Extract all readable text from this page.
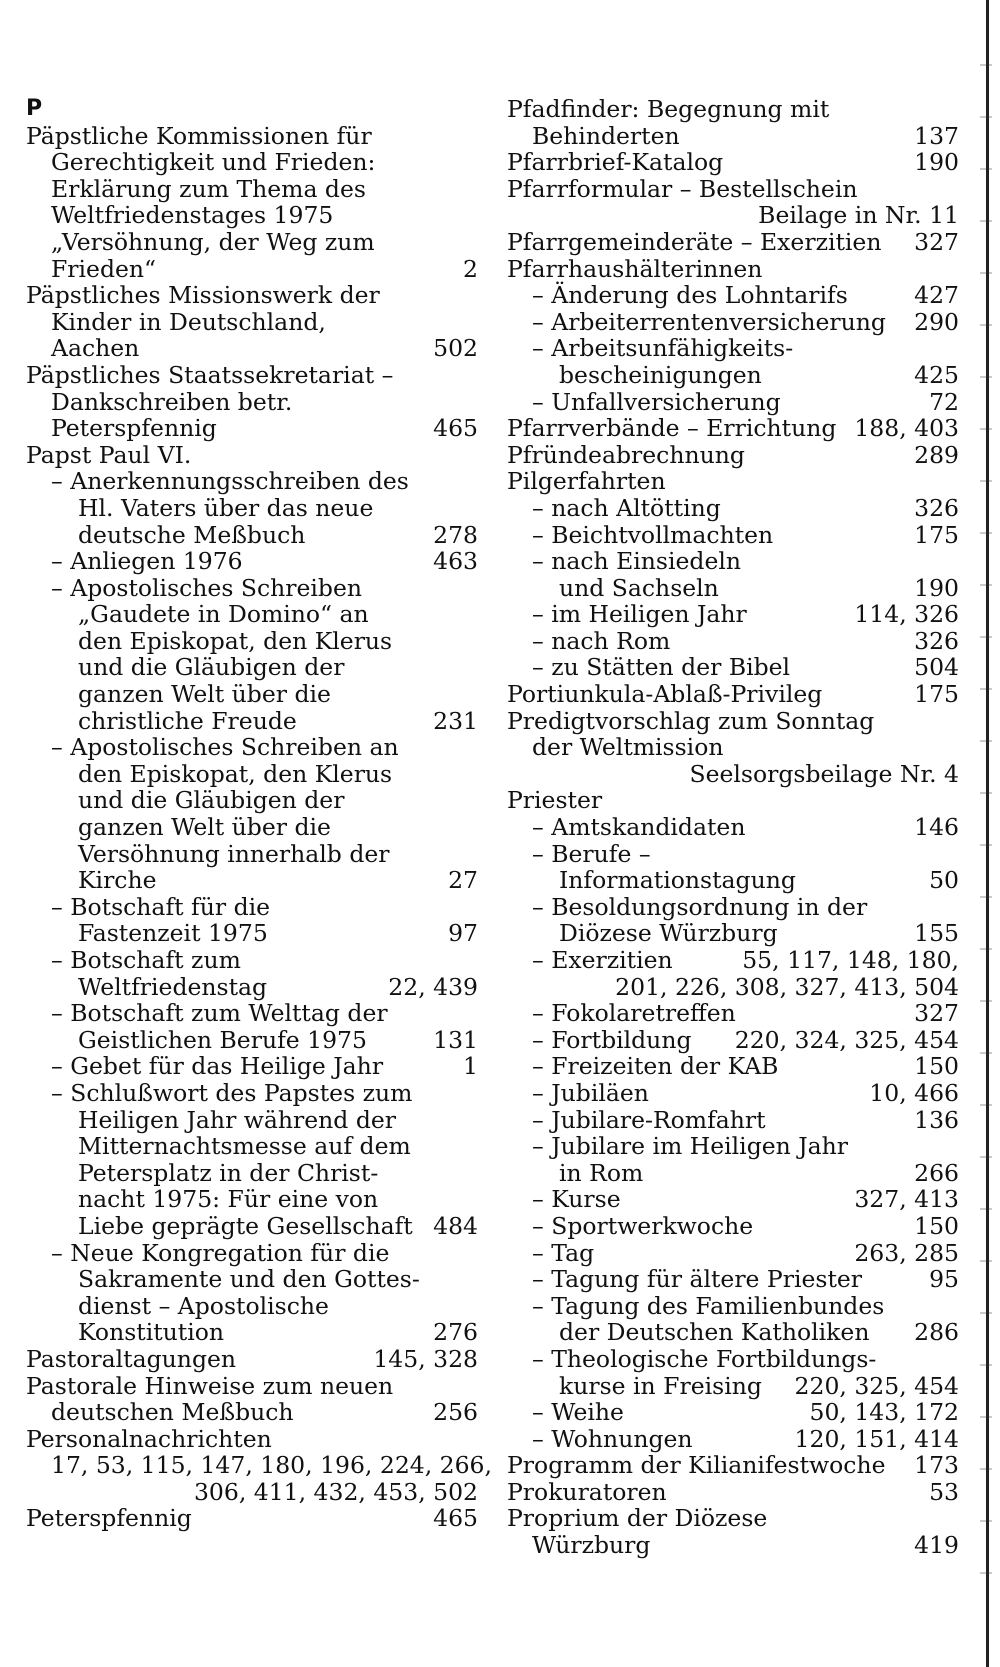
P
Päpstliche Kommissionen für
Gerechtigkeit und Frieden:
Erklärung zum Thema des
Weltfriedenstages 1975
„Versöhnung, der Weg zum
Frieden“	2
Päpstliches Missionswerk der
Kinder in Deutschland,
Aachen	502
Päpstliches Staatssekretariat –
Dankschreiben betr.
Peterspfennig	465
Papst Paul VI.
– Anerkennungsschreiben des
Hl. Vaters über das neue
deutsche Meßbuch	278
– Anliegen 1976	463
– Apostolisches Schreiben
„Gaudete in Domino“ an
den Episkopat, den Klerus
und die Gläubigen der
ganzen Welt über die
christliche Freude	231
– Apostolisches Schreiben an
den Episkopat, den Klerus
und die Gläubigen der
ganzen Welt über die
Versöhnung innerhalb der
Kirche	27
– Botschaft für die
Fastenzeit 1975	97
– Botschaft zum
Weltfriedenstag	22, 439
– Botschaft zum Welttag der
Geistlichen Berufe 1975	131
– Gebet für das Heilige Jahr	1
– Schlußwort des Papstes zum
Heiligen Jahr während der
Mitternachtsmesse auf dem
Petersplatz in der Christ-
nacht 1975: Für eine von
Liebe geprägte Gesellschaft 484
– Neue Kongregation für die
Sakramente und den Gottes-
dienst – Apostolische
Konstitution	276
Pastoraltagungen	145, 328
Pastorale Hinweise zum neuen
deutschen Meßbuch	256
Personalnachrichten
17, 53, 115, 147, 180, 196, 224, 266,
306, 411, 432, 453, 502
Peterspfennig	465
Pfadfinder: Begegnung mit
Behinderten	137
Pfarrbrief-Katalog	190
Pfarrformular – Bestellschein
Beilage in Nr. 11
Pfarrgemeinderäte – Exerzitien 327
Pfarrhaushälterinnen
– Änderung des Lohntarifs	427
– Arbeiterrentenversicherung 290
– Arbeitsunfähigkeits-
bescheinigungen	425
– Unfallversicherung	72
Pfarrverbände – Errichtung 188, 403
Pfründeabrechnung	289
Pilgerfahrten
– nach Altötting	326
– Beichtvollmachten	175
– nach Einsiedeln
und Sachseln	190
– im Heiligen Jahr	114, 326
– nach Rom	326
– zu Stätten der Bibel	504
Portiunkula-Ablaß-Privileg	175
Predigtvorschlag zum Sonntag
der Weltmission
Seelsorgsbeilage Nr. 4
Priester
– Amtskandidaten	146
– Berufe –
Informationstagung	50
– Besoldungsordnung in der
Diözese Würzburg	155
– Exerzitien	55, 117, 148, 180,
201, 226, 308, 327, 413, 504
– Fokolaretreffen	327
– Fortbildung 220, 324, 325, 454
– Freizeiten der KAB	150
– Jubiläen	10, 466
– Jubilare-Romfahrt	136
– Jubilare im Heiligen Jahr
in Rom	266
– Kurse	327, 413
– Sportwerkwoche	150
– Tag	263, 285
– Tagung für ältere Priester	95
– Tagung des Familienbundes
der Deutschen Katholiken 286
– Theologische Fortbildungs-
kurse in Freising 220, 325, 454
– Weihe	50, 143, 172
– Wohnungen	120, 151, 414
Programm der Kilianifestwoche 173
Prokuratoren	53
Proprium der Diözese
Würzburg	419
